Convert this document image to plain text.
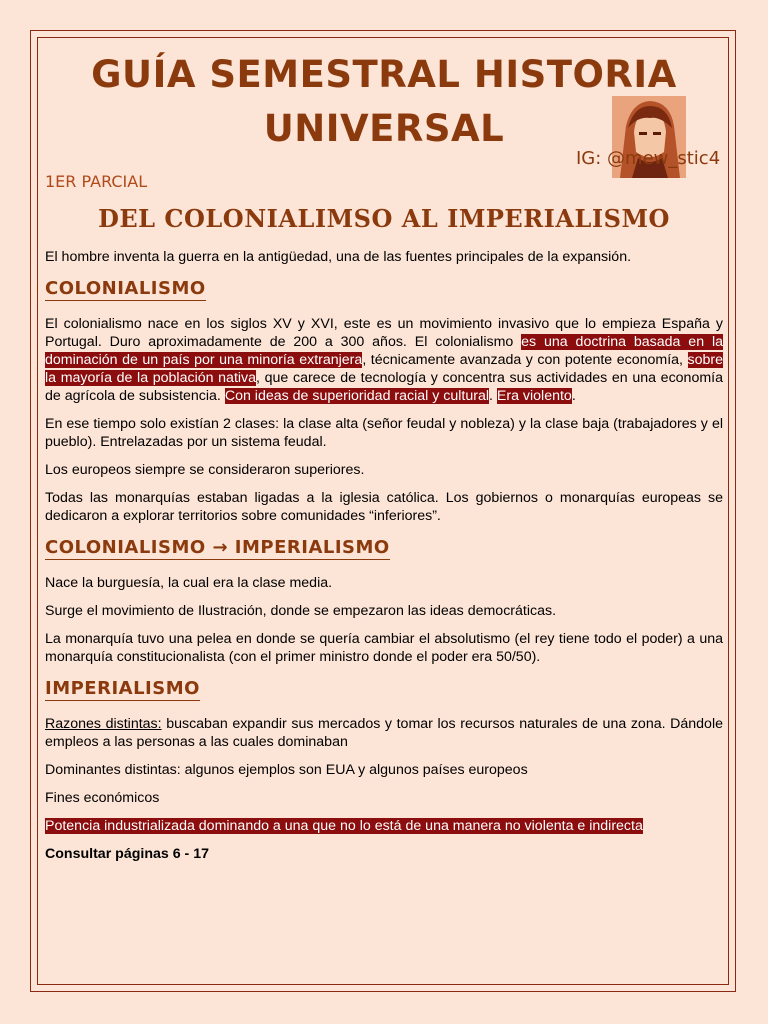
GUÍA SEMESTRAL HISTORIA
UNIVERSAL
IG: @mew_stic4
1ER PARCIAL
DEL COLONIALIMSO AL IMPERIALISMO

El hombre inventa la guerra en la antigüedad, una de las fuentes principales de la expansión.

COLONIALISMO

El colonialismo nace en los siglos XV y XVI, este es un movimiento invasivo que lo empieza España y Portugal. Duro aproximadamente de 200 a 300 años. El colonialismo es una doctrina basada en la dominación de un país por una minoría extranjera, técnicamente avanzada y con potente economía, sobre la mayoría de la población nativa, que carece de tecnología y concentra sus actividades en una economía de agrícola de subsistencia. Con ideas de superioridad racial y cultural. Era violento.

En ese tiempo solo existían 2 clases: la clase alta (señor feudal y nobleza) y la clase baja (trabajadores y el pueblo). Entrelazadas por un sistema feudal.

Los europeos siempre se consideraron superiores.

Todas las monarquías estaban ligadas a la iglesia católica. Los gobiernos o monarquías europeas se dedicaron a explorar territorios sobre comunidades “inferiores”.

COLONIALISMO → IMPERIALISMO

Nace la burguesía, la cual era la clase media.

Surge el movimiento de Ilustración, donde se empezaron las ideas democráticas.

La monarquía tuvo una pelea en donde se quería cambiar el absolutismo (el rey tiene todo el poder) a una monarquía constitucionalista (con el primer ministro donde el poder era 50/50).

IMPERIALISMO

Razones distintas: buscaban expandir sus mercados y tomar los recursos naturales de una zona. Dándole empleos a las personas a las cuales dominaban

Dominantes distintas: algunos ejemplos son EUA y algunos países europeos

Fines económicos

Potencia industrializada dominando a una que no lo está de una manera no violenta e indirecta

Consultar páginas 6 - 17
